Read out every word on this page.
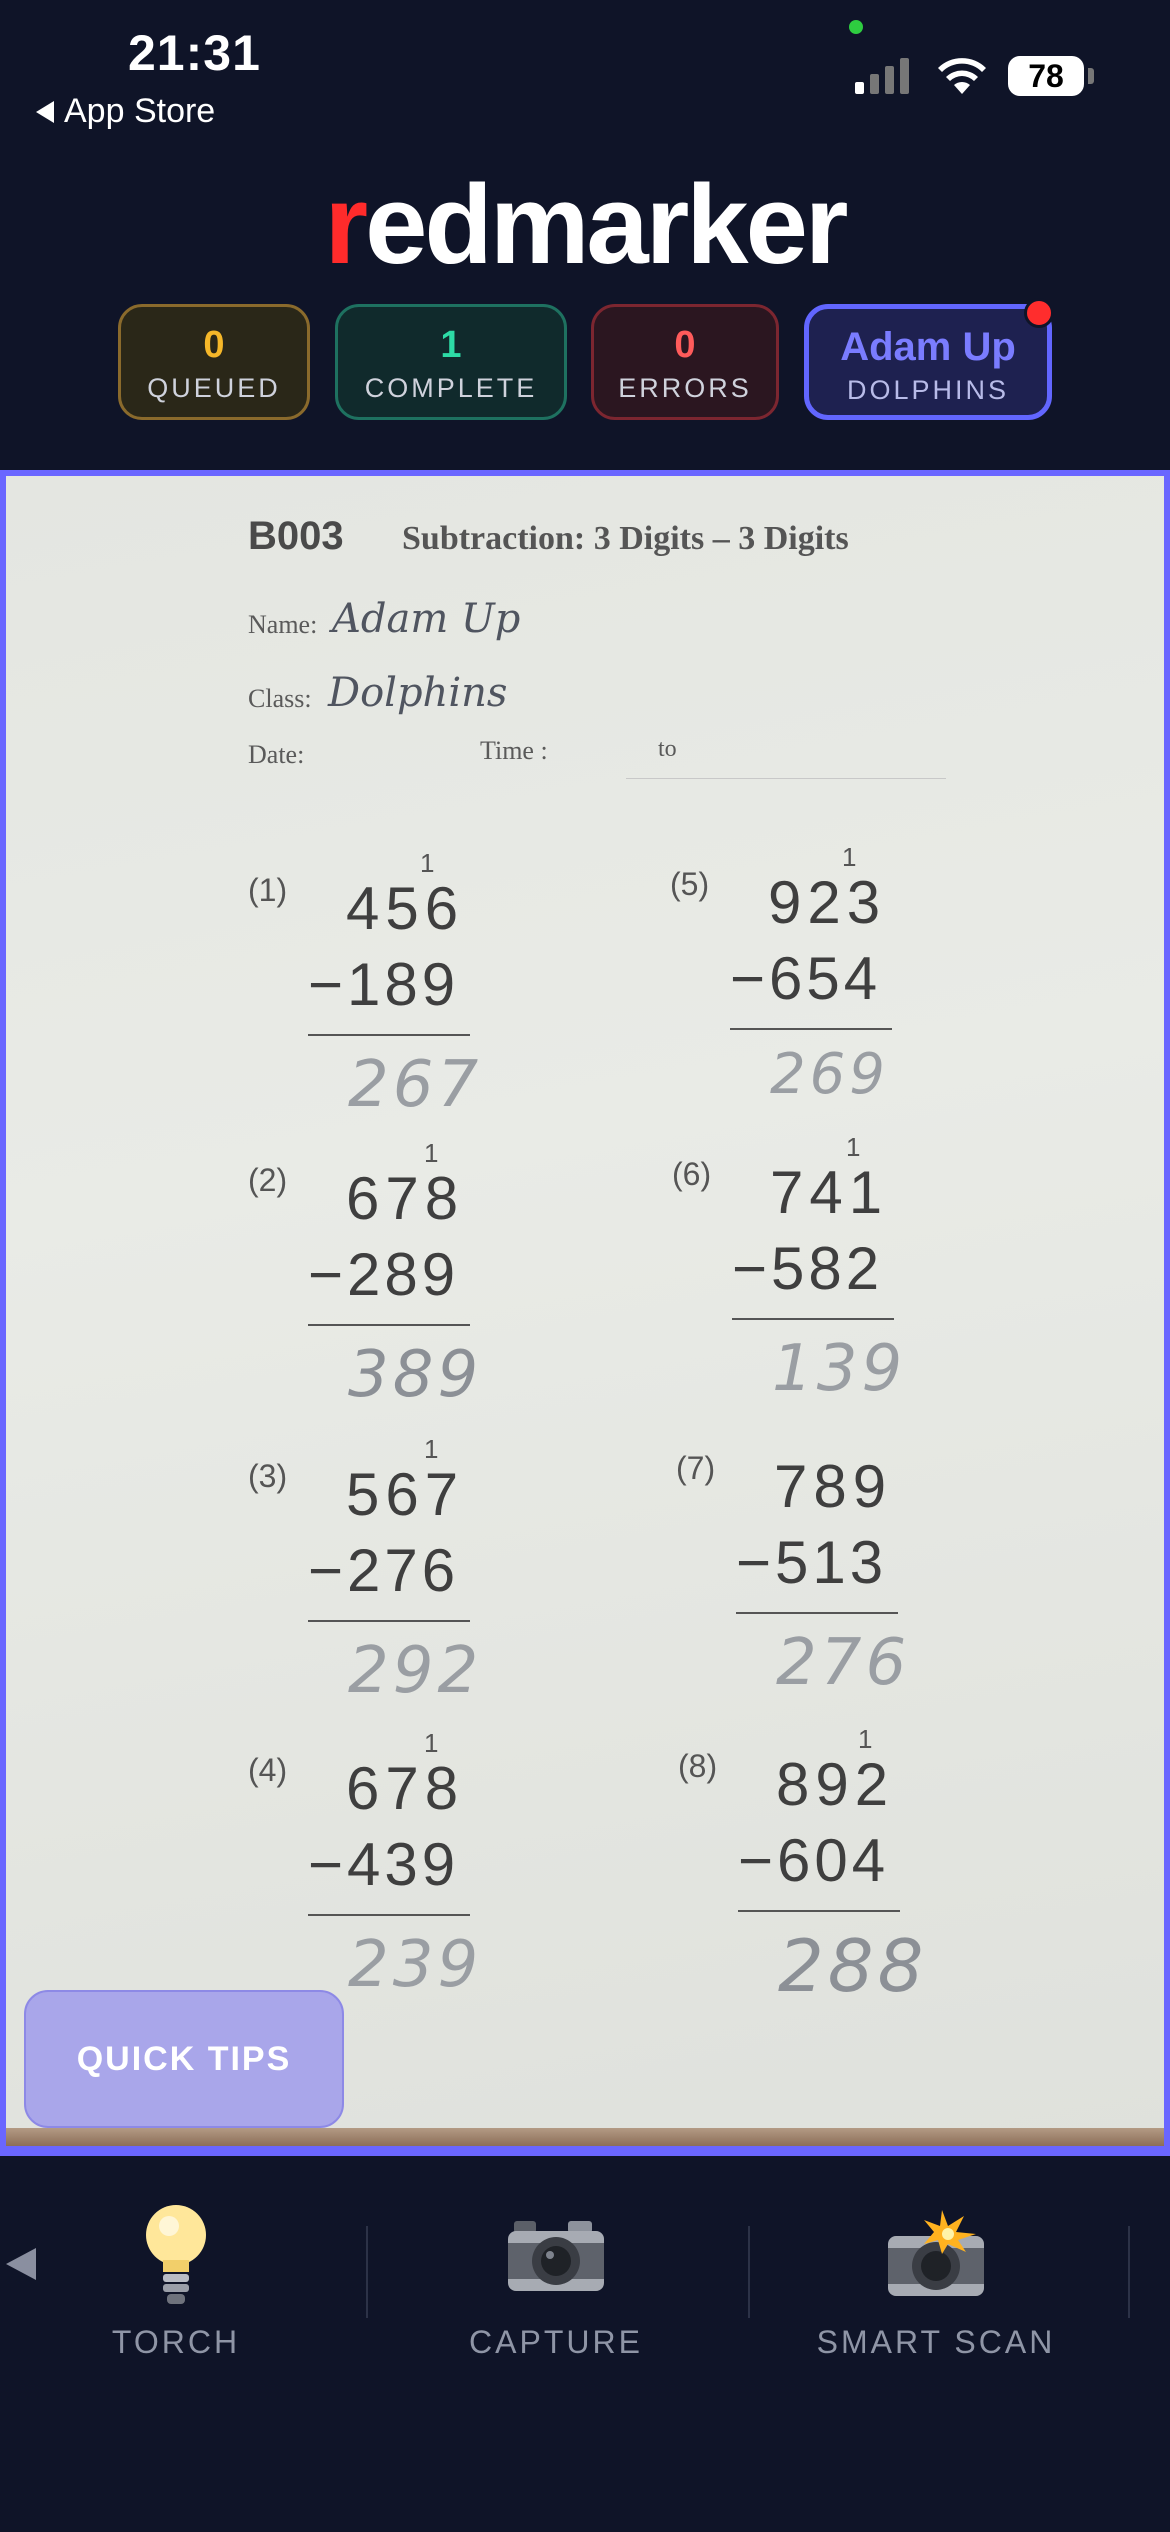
21:31
App Store
78
redmarker
0
QUEUED
1
COMPLETE
0
ERRORS
Adam Up
DOLPHINS
B003 Subtraction: 3 Digits – 3 Digits
Name: Adam Up
Class: Dolphins
Date:	Time :	to
(1)
1
456
−189
267
(2)
1
678
−289
389
(3)
1
567
−276
292
(4)
1
678
−439
239
(5)
1
923
−654
269
(6)
1
741
−582
139
(7) 789
−513
276
(8)
1
892
−604
288
QUICK TIPS
TORCH	CAPTURE	SMART SCAN
